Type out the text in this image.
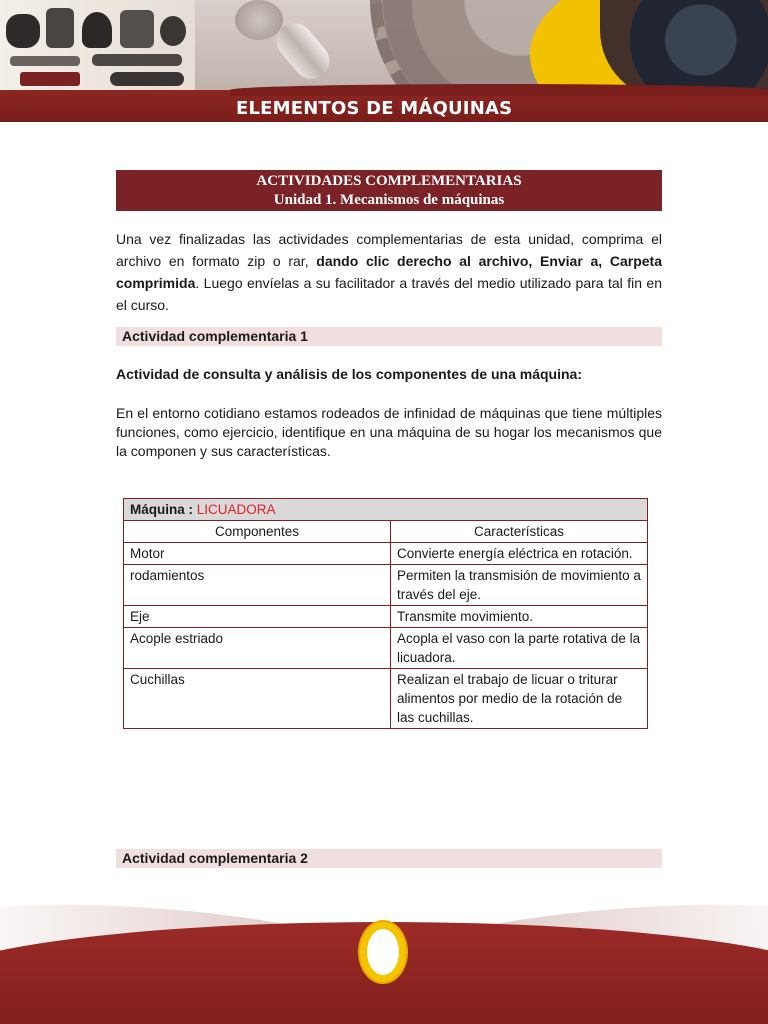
ELEMENTOS DE MÁQUINAS
ACTIVIDADES COMPLEMENTARIAS
Unidad 1. Mecanismos de máquinas

Una vez finalizadas las actividades complementarias de esta unidad, comprima el archivo en formato zip o rar, dando clic derecho al archivo, Enviar a, Carpeta comprimida. Luego envíelas a su facilitador a través del medio utilizado para tal fin en el curso.

Actividad complementaria 1
Actividad de consulta y análisis de los componentes de una máquina:

En el entorno cotidiano estamos rodeados de infinidad de máquinas que tiene múltiples funciones, como ejercicio, identifique en una máquina de su hogar los mecanismos que la componen y sus características.

Máquina : LICUADORA	
Componentes	Características
Motor	Convierte energía eléctrica en rotación.
rodamientos	Permiten la transmisión de movimiento a través del eje.
Eje	Transmite movimiento.
Acople estriado	Acopla el vaso con la parte rotativa de la licuadora.
Cuchillas	Realizan el trabajo de licuar o triturar alimentos por medio de la rotación de las cuchillas.
Actividad complementaria 2
